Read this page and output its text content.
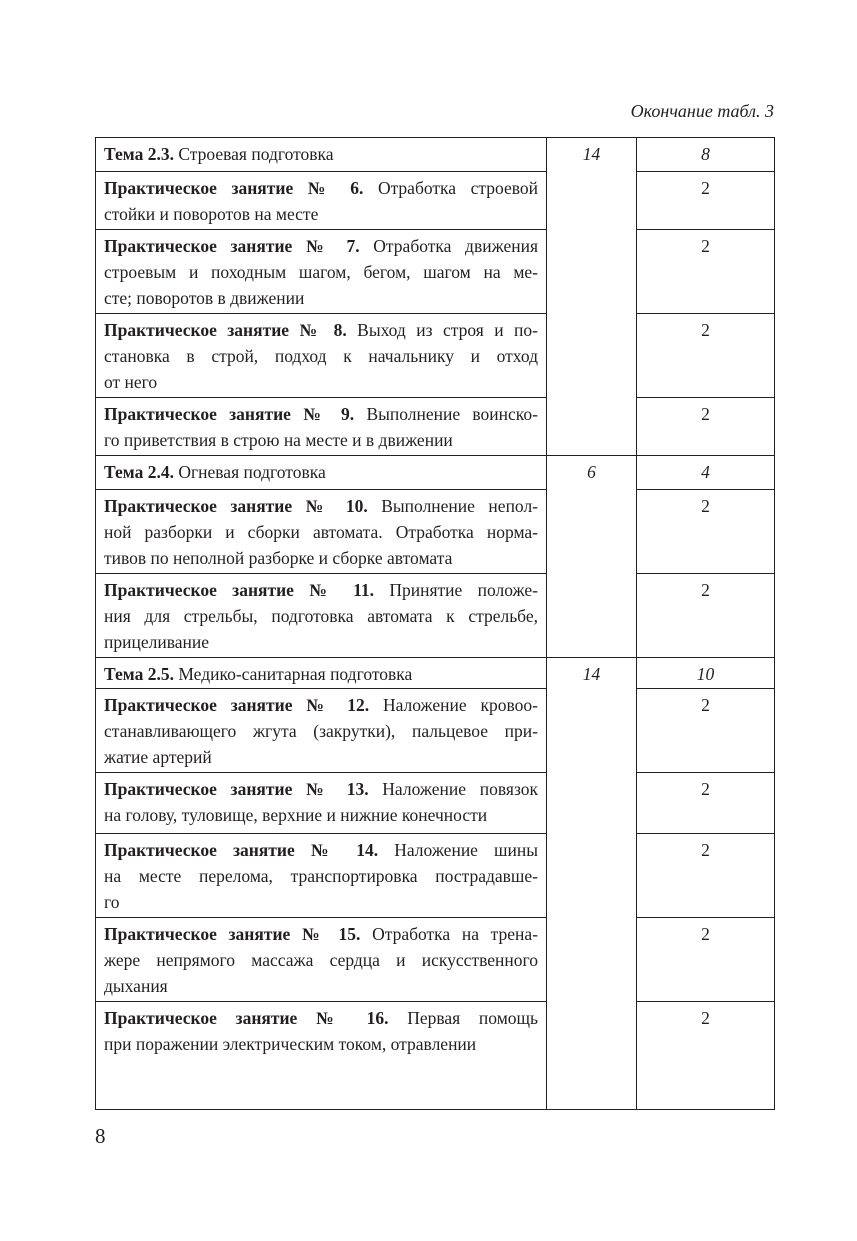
Окончание табл. 3
Тема 2.3. Строевая подготовка	14	8

Практическое занятие № 6. Отработка строевой
стойки и поворотов на месте		2

Практическое занятие № 7. Отработка движения
строевым и походным шагом, бегом, шагом на ме-
сте; поворотов в движении		2

Практическое занятие № 8. Выход из строя и по-
становка в строй, подход к начальнику и отход
от него		2

Практическое занятие № 9. Выполнение воинско-
го приветствия в строю на месте и в движении		2
Тема 2.4. Огневая подготовка	6	4

Практическое занятие № 10. Выполнение непол-
ной разборки и сборки автомата. Отработка норма-
тивов по неполной разборке и сборке автомата		2

Практическое занятие № 11. Принятие положе-
ния для стрельбы, подготовка автомата к стрельбе,
прицеливание		2
Тема 2.5. Медико-санитарная подготовка	14	10

Практическое занятие № 12. Наложение кровоо-
станавливающего жгута (закрутки), пальцевое при-
жатие артерий		2

Практическое занятие № 13. Наложение повязок
на голову, туловище, верхние и нижние конечности		2

Практическое занятие № 14. Наложение шины
на месте перелома, транспортировка пострадавше-
го		2

Практическое занятие № 15. Отработка на трена-
жере непрямого массажа сердца и искусственного
дыхания		2

Практическое занятие № 16. Первая помощь
при поражении электрическим током, отравлении		2
8
